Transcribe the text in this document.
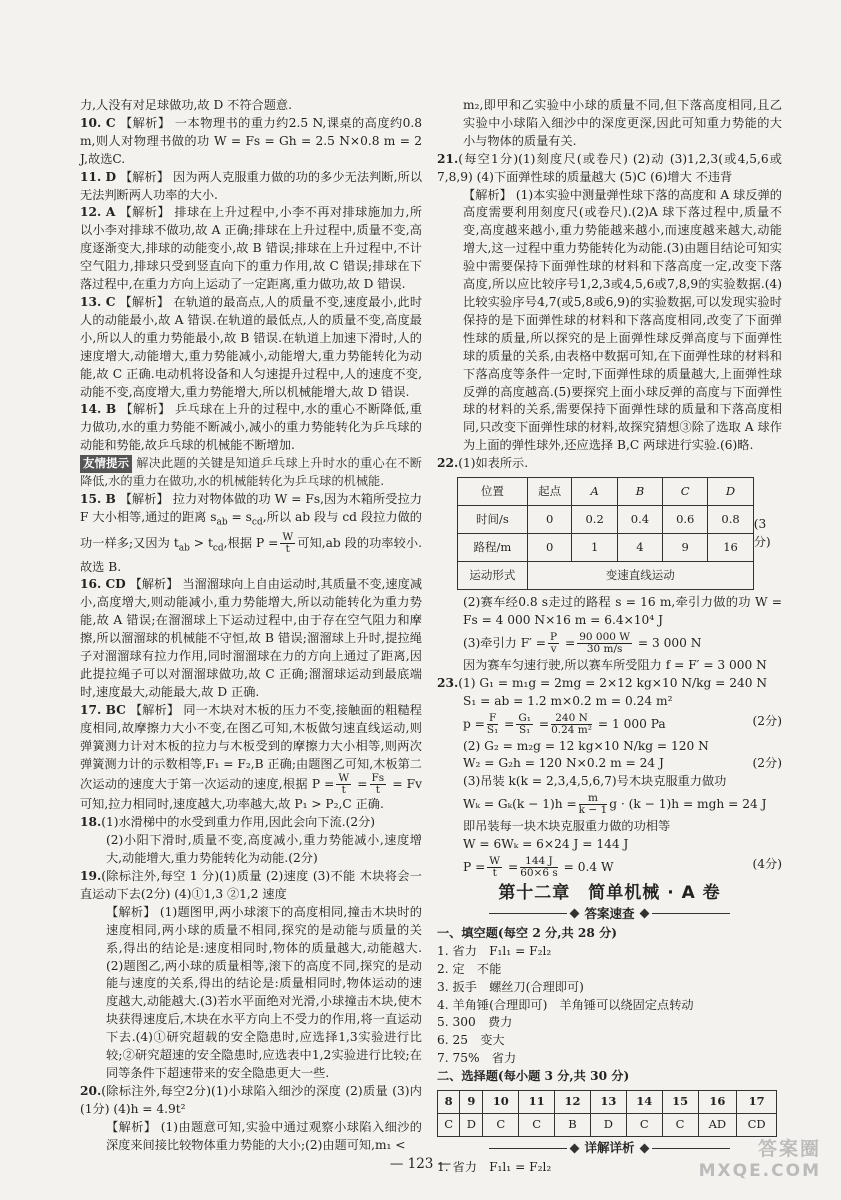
力,人没有对足球做功,故 D 不符合题意.

10. C 【解析】 一本物理书的重力约2.5 N,课桌的高度约0.8 m,则人对物理书做的功 W = Fs = Gh = 2.5 N×0.8 m = 2 J,故选C.

11. D 【解析】 因为两人克服重力做的功的多少无法判断,所以无法判断两人功率的大小.

12. A 【解析】 排球在上升过程中,小李不再对排球施加力,所以小李对排球不做功,故 A 正确;排球在上升过程中,质量不变,高度逐渐变大,排球的动能变小,故 B 错误;排球在上升过程中,不计空气阻力,排球只受到竖直向下的重力作用,故 C 错误;排球在下落过程中,在重力方向上运动了一定距离,重力做功,故 D 错误.

13. C 【解析】 在轨道的最高点,人的质量不变,速度最小,此时人的动能最小,故 A 错误.在轨道的最低点,人的质量不变,高度最小,所以人的重力势能最小,故 B 错误.在轨道上加速下滑时,人的速度增大,动能增大,重力势能减小,动能增大,重力势能转化为动能,故 C 正确.电动机将设备和人匀速提升过程中,人的速度不变,动能不变,高度增大,重力势能增大,所以机械能增大,故 D 错误.

14. B 【解析】 乒乓球在上升的过程中,水的重心不断降低,重力做功,水的重力势能不断减小,减小的重力势能转化为乒乓球的动能和势能,故乒乓球的机械能不断增加.

友情提示 解决此题的关键是知道乒乓球上升时水的重心在不断降低,水的重力在做功,水的机械能转化为乒乓球的机械能.

15. B 【解析】 拉力对物体做的功 W = Fs,因为木箱所受拉力 F 大小相等,通过的距离 $s_{ab} = s_{cd}$,所以 ab 段与 cd 段拉力做的功一样多;又因为 $t_{ab} > t_{cd}$,根据 $P = \frac{W}{t}$ 可知,ab 段的功率较小.故选 B.

16. CD 【解析】 当溜溜球向上自由运动时,其质量不变,速度减小,高度增大,则动能减小,重力势能增大,所以动能转化为重力势能,故 A 错误;在溜溜球上下运动过程中,由于存在空气阻力和摩擦,所以溜溜球的机械能不守恒,故 B 错误;溜溜球上升时,提拉绳子对溜溜球有拉力作用,同时溜溜球在力的方向上通过了距离,因此提拉绳子可以对溜溜球做功,故 C 正确;溜溜球运动到最底端时,速度最大,动能最大,故 D 正确.

17. BC 【解析】 同一木块对木板的压力不变,接触面的粗糙程度相同,故摩擦力大小不变,在图乙可知,木板做匀速直线运动,则弹簧测力计对木板的拉力与木板受到的摩擦力大小相等,则两次弹簧测力计的示数相等,F₁ = F₂,B 正确;由题图乙可知,木板第二次运动的速度大于第一次运动的速度,根据 $P = \frac{W}{t} = \frac{Fs}{t} = Fv$ 可知,拉力相同时,速度越大,功率越大,故 P₁ > P₂,C 正确.

18.(1)水滑梯中的水受到重力作用,因此会向下流.(2分)

(2)小阳下滑时,质量不变,高度减小,重力势能减小,速度增大,动能增大,重力势能转化为动能.(2分)

19.(除标注外,每空 1 分)(1)质量 (2)速度 (3)不能 木块将会一直运动下去(2分) (4)①1,3 ②1,2 速度

【解析】 (1)题图甲,两小球滚下的高度相同,撞击木块时的速度相同,两小球的质量不相同,探究的是动能与质量的关系,得出的结论是:速度相同时,物体的质量越大,动能越大.(2)题图乙,两小球的质量相等,滚下的高度不同,探究的是动能与速度的关系,得出的结论是:质量相同时,物体运动的速度越大,动能越大.(3)若水平面绝对光滑,小球撞击木块,使木块获得速度后,木块在水平方向上不受力的作用,将一直运动下去.(4)①研究超载的安全隐患时,应选择1,3实验进行比较;②研究超速的安全隐患时,应选表中1,2实验进行比较;在同等条件下超速带来的安全隐患更大一些.

20.(除标注外,每空2分)(1)小球陷入细沙的深度 (2)质量 (3)内(1分) (4)h = 4.9t²

【解析】 (1)由题意可知,实验中通过观察小球陷入细沙的深度来间接比较物体重力势能的大小;(2)由题可知,m₁ <

m₂,即甲和乙实验中小球的质量不同,但下落高度相同,且乙实验中小球陷入细沙中的深度更深,因此可知重力势能的大小与物体的质量有关.

21.(每空1分)(1)刻度尺(或卷尺) (2)动 (3)1,2,3(或4,5,6或7,8,9) (4)下面弹性球的质量越大 (5)C (6)增大 不违背

【解析】 (1)本实验中测量弹性球下落的高度和 A 球反弹的高度需要利用刻度尺(或卷尺).(2)A 球下落过程中,质量不变,高度越来越小,重力势能越来越小,而速度越来越大,动能增大,这一过程中重力势能转化为动能.(3)由题目结论可知实验中需要保持下面弹性球的材料和下落高度一定,改变下落高度,所以应比较序号1,2,3或4,5,6或7,8,9的实验数据.(4)比较实验序号4,7(或5,8或6,9)的实验数据,可以发现实验时保持的是下面弹性球的材料和下落高度相同,改变了下面弹性球的质量,所以探究的是上面弹性球反弹高度与下面弹性球的质量的关系,由表格中数据可知,在下面弹性球的材料和下落高度等条件一定时,下面弹性球的质量越大,上面弹性球反弹的高度越高.(5)要探究上面小球反弹的高度与下面弹性球的材料的关系,需要保持下面弹性球的质量和下落高度相同,只改变下面弹性球的材料,故探究猜想③除了选取 A 球作为上面的弹性球外,还应选择 B,C 两球进行实验.(6)略.

22.(1)如表所示.

位置	起点	A	B	C	D
时间/s	0	0.2	0.4	0.6	0.8
路程/m	0	1	4	9	16
运动形式	变速直线运动				
(3分)

(2)赛车经0.8 s走过的路程 s = 16 m,牵引力做的功 W = Fs = 4 000 N×16 m = 6.4×10⁴ J

(3)牵引力 $F' = \frac{P}{v} = \frac{90 000 W}{30 m/s} = 3$ 000 N

因为赛车匀速行驶,所以赛车所受阻力 f = F′ = 3 000 N

23.(1) G₁ = m₁g = 2mg = 2×12 kg×10 N/kg = 240 N

S₁ = ab = 1.2 m×0.2 m = 0.24 m²

$p = \frac{F}{\text{S₁}} = \frac{\text{G₁}}{\text{S₁}} = \frac{240 N}{\text{0.24 m²}} = 1$ 000 Pa	(2分)

(2) G₂ = m₂g = 12 kg×10 N/kg = 120 N

W₂ = G₂h = 120 N×0.2 m = 24 J	(2分)

(3)吊装 k(k = 2,3,4,5,6,7)号木块克服重力做功

$W_k = G_k(k - 1)h = \frac{m}{k - 1}$ g · (k − 1)h = mgh = 24 J

即吊装每一块木块克服重力做的功相等

W = 6Wₖ = 6×24 J = 144 J

$P = \frac{W}{t} = \frac{144 J}{60\times 6 s} = 0.4$ W	(4分)

第十二章　简单机械 · A 卷
答案速查

一、填空题(每空 2 分,共 28 分)

1. 省力　F₁l₁ = F₂l₂

2. 定　不能

3. 扳手　螺丝刀(合理即可)

4. 羊角锤(合理即可)　羊角锤可以绕固定点转动

5. 300　费力

6. 25　变大

7. 75%　省力

二、选择题(每小题 3 分,共 30 分)

8	9	10	11	12	13	14	15	16	17
C	D	C	C	B	D	C	C	AD	CD
详解详析

1. 省力　F₁l₁ = F₂l₂

— 123 —
答案圈
MXQE.COM
